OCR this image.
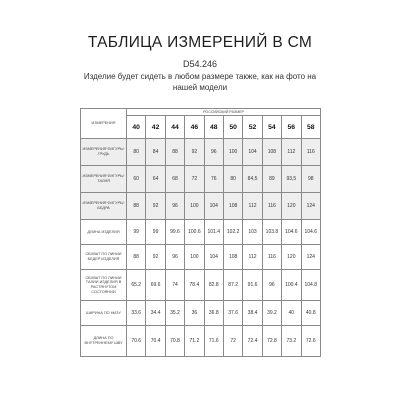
ТАБЛИЦА ИЗМЕРЕНИЙ В СМ
D54.246
Изделие будет сидеть в любом размере также, как на фото на нашей модели
ИЗМЕРЕНИЯ	РОССИЙСКИЙ РАЗМЕР									
	40	42	44	46	48	50	52	54	56	58
ИЗМЕРЕНИЯ ФИГУРЫ: ГРУДЬ	80	84	88	92	96	100	104	108	112	116
ИЗМЕРЕНИЯ ФИГУРЫ: ТАЛИЯ	60	64	68	72	76	80	84,5	89	93,5	98
ИЗМЕРЕНИЯ ФИГУРЫ: БЕДРА	88	92	96	100	104	108	112	116	120	124
ДЛИНА ИЗДЕЛИЯ	99	99	99.6	100.6	101.4	102.2	103	103.8	104.6	104.6
ОБХВАТ ПО ЛИНИИ БЕДЕР ИЗДЕЛИЯ	88	92	96	100	104	108	112	116	120	124
ОБХВАТ ПО ЛИНИИ ТАЛИИ ИЗДЕЛИЯ В РАСТЯНУТОМ СОСТОЯНИИ	65.2	69.6	74	78.4	82.8	87.2	91.6	96	100.4	104.8
ШИРИНА ПО НИЗУ	33.6	34.4	35.2	36	36.8	37.6	38.4	39.2	40	40.8
ДЛИНА ПО ВНУТРЕННЕМУ ШВУ	70.6	70.4	70.8	71.2	71.6	72	72.4	72.8	73.2	72.6
